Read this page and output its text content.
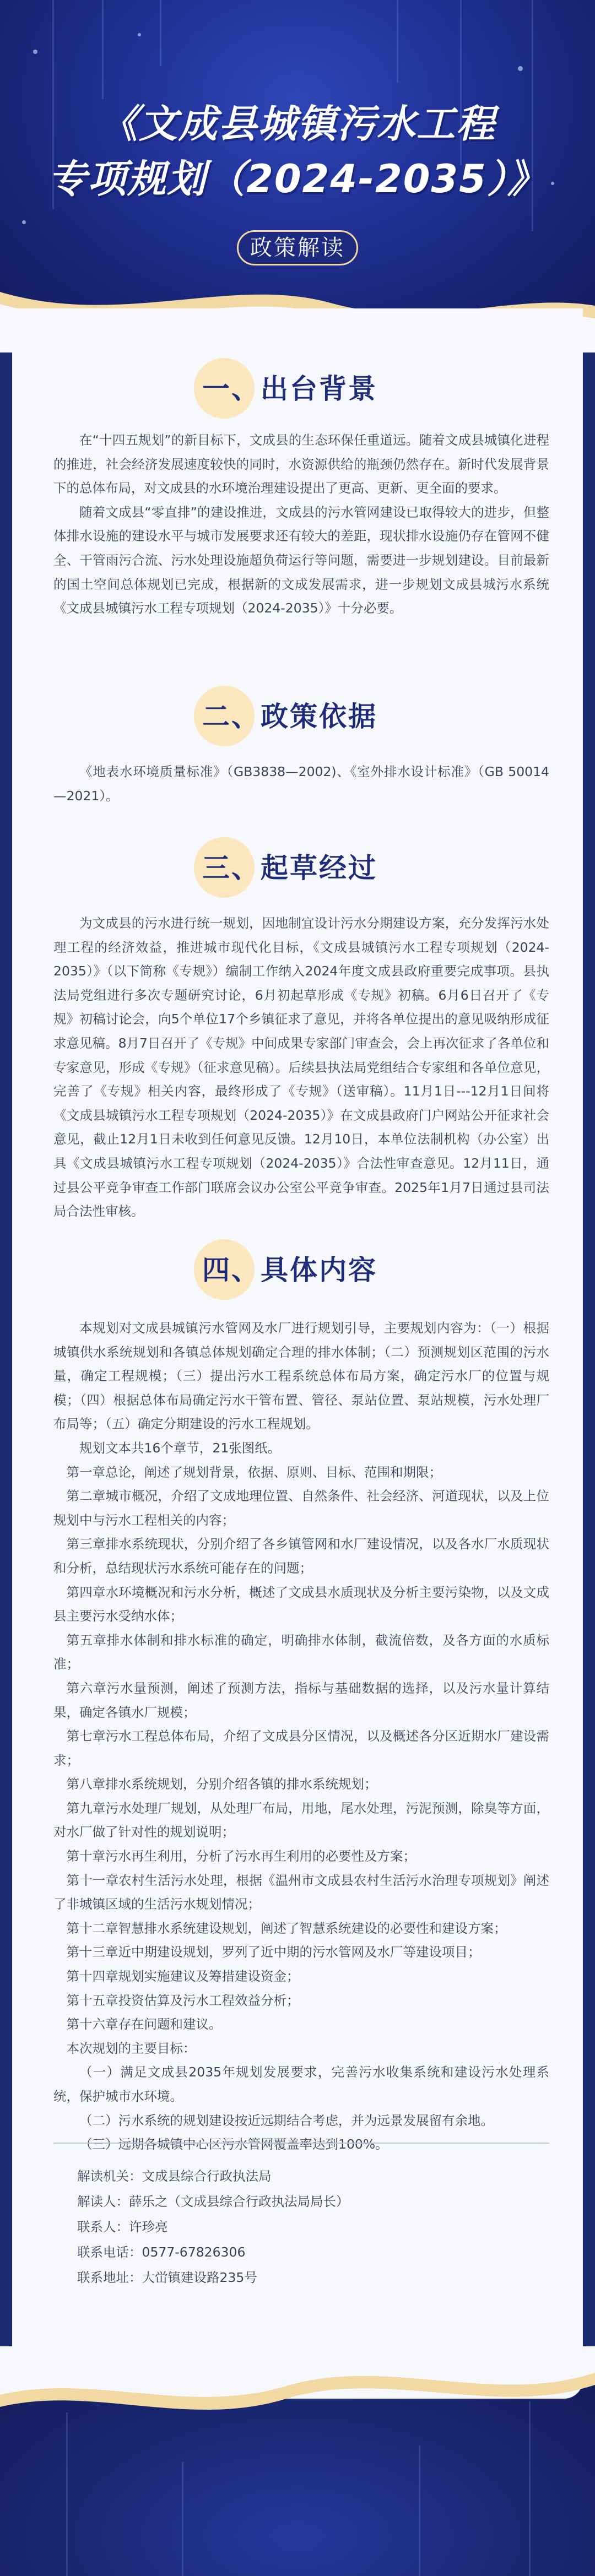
《文成县城镇污水工程
专项规划（2024-2035）》
政策解读
一、出台背景

在“十四五规划”的新目标下，文成县的生态环保任重道远。随着文成县城镇化进程的推进，社会经济发展速度较快的同时，水资源供给的瓶颈仍然存在。新时代发展背景下的总体布局，对文成县的水环境治理建设提出了更高、更新、更全面的要求。

随着文成县“零直排”的建设推进，文成县的污水管网建设已取得较大的进步，但整体排水设施的建设水平与城市发展要求还有较大的差距，现状排水设施仍存在管网不健全、干管雨污合流、污水处理设施超负荷运行等问题，需要进一步规划建设。目前最新的国土空间总体规划已完成，根据新的文成发展需求，进一步规划文成县城污水系统《文成县城镇污水工程专项规划（2024-2035）》十分必要。

二、政策依据

《地表水环境质量标准》（GB3838—2002)、《室外排水设计标准》（GB 50014—2021）。

三、起草经过

为文成县的污水进行统一规划，因地制宜设计污水分期建设方案，充分发挥污水处理工程的经济效益，推进城市现代化目标，《文成县城镇污水工程专项规划（2024-2035）》（以下简称《专规》）编制工作纳入2024年度文成县政府重要完成事项。县执法局党组进行多次专题研究讨论，6月初起草形成《专规》初稿。6月6日召开了《专规》初稿讨论会，向5个单位17个乡镇征求了意见，并将各单位提出的意见吸纳形成征求意见稿。8月7日召开了《专规》中间成果专家部门审查会，会上再次征求了各单位和专家意见，形成《专规》（征求意见稿）。后续县执法局党组结合专家组和各单位意见，完善了《专规》相关内容，最终形成了《专规》（送审稿）。11月1日---12月1日间将《文成县城镇污水工程专项规划（2024-2035）》在文成县政府门户网站公开征求社会意见，截止12月1日未收到任何意见反馈。12月10日，本单位法制机构（办公室）出具《文成县城镇污水工程专项规划（2024-2035）》合法性审查意见。12月11日，通过县公平竞争审查工作部门联席会议办公室公平竞争审查。2025年1月7日通过县司法局合法性审核。

四、具体内容

本规划对文成县城镇污水管网及水厂进行规划引导，主要规划内容为：（一）根据城镇供水系统规划和各镇总体规划确定合理的排水体制；（二）预测规划区范围的污水量，确定工程规模；（三）提出污水工程系统总体布局方案，确定污水厂的位置与规模；（四）根据总体布局确定污水干管布置、管径、泵站位置、泵站规模，污水处理厂布局等；（五）确定分期建设的污水工程规划。

规划文本共16个章节，21张图纸。

第一章总论，阐述了规划背景，依据、原则、目标、范围和期限；

第二章城市概况，介绍了文成地理位置、自然条件、社会经济、河道现状，以及上位规划中与污水工程相关的内容；

第三章排水系统现状，分别介绍了各乡镇管网和水厂建设情况，以及各水厂水质现状和分析，总结现状污水系统可能存在的问题；

第四章水环境概况和污水分析，概述了文成县水质现状及分析主要污染物，以及文成县主要污水受纳水体；

第五章排水体制和排水标准的确定，明确排水体制，截流倍数，及各方面的水质标准；

第六章污水量预测，阐述了预测方法，指标与基础数据的选择，以及污水量计算结果，确定各镇水厂规模；

第七章污水工程总体布局，介绍了文成县分区情况，以及概述各分区近期水厂建设需求；

第八章排水系统规划，分别介绍各镇的排水系统规划；

第九章污水处理厂规划，从处理厂布局，用地，尾水处理，污泥预测，除臭等方面，对水厂做了针对性的规划说明；

第十章污水再生利用，分析了污水再生利用的必要性及方案；

第十一章农村生活污水处理，根据《温州市文成县农村生活污水治理专项规划》阐述了非城镇区域的生活污水规划情况；

第十二章智慧排水系统建设规划，阐述了智慧系统建设的必要性和建设方案；

第十三章近中期建设规划，罗列了近中期的污水管网及水厂等建设项目；

第十四章规划实施建议及筹措建设资金；

第十五章投资估算及污水工程效益分析；

第十六章存在问题和建议。

本次规划的主要目标：

（一）满足文成县2035年规划发展要求，完善污水收集系统和建设污水处理系统，保护城市水环境。

（二）污水系统的规划建设按近远期结合考虑，并为远景发展留有余地。

（三）远期各城镇中心区污水管网覆盖率达到100%。

解读机关：文成县综合行政执法局
解读人：薛乐之（文成县综合行政执法局局长）
联系人：许珍亮
联系电话：0577-67826306
联系地址：大峃镇建设路235号
